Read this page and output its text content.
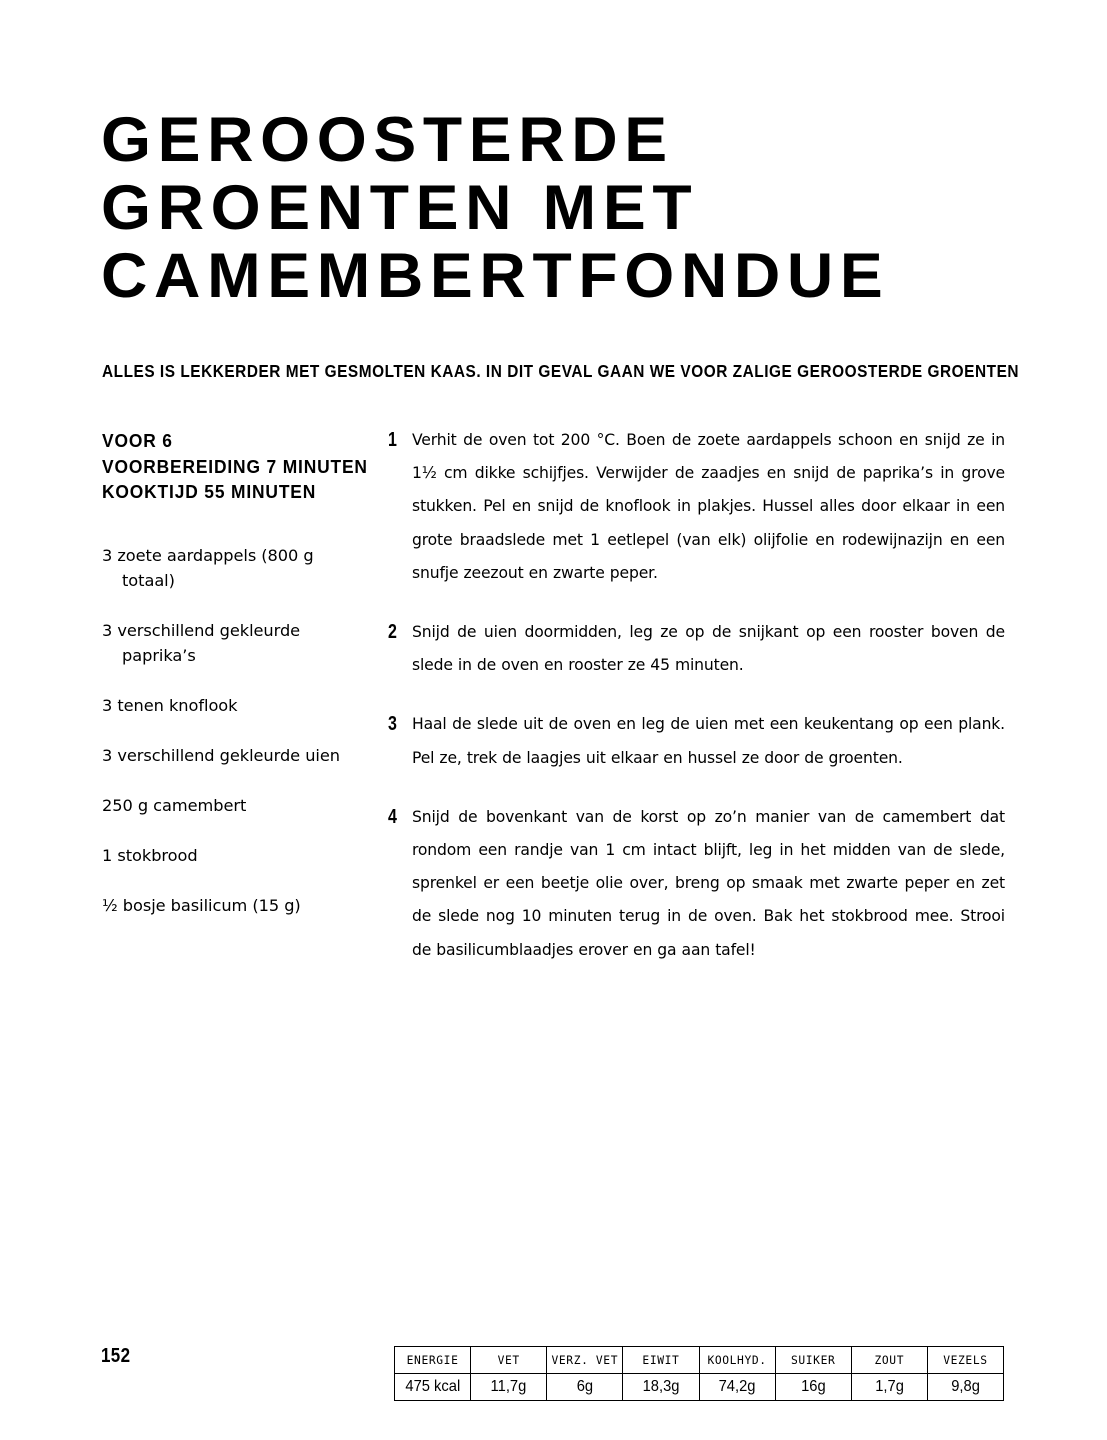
GEROOSTERDE
GROENTEN MET
CAMEMBERTFONDUE
ALLES IS LEKKERDER MET GESMOLTEN KAAS. IN DIT GEVAL GAAN WE VOOR ZALIGE GEROOSTERDE GROENTEN
VOOR 6
VOORBEREIDING 7 MINUTEN
KOOKTIJD 55 MINUTEN
3 zoete aardappels (800 g totaal)
3 verschillend gekleurde paprika’s
3 tenen knoflook
3 verschillend gekleurde uien
250 g camembert
1 stokbrood
½ bosje basilicum (15 g)
1 Verhit de oven tot 200 °C. Boen de zoete aardappels schoon en snijd ze in 1½ cm dikke schijfjes. Verwijder de zaadjes en snijd de paprika’s in grove stukken. Pel en snijd de knoflook in plakjes. Hussel alles door elkaar in een grote braadslede met 1 eetlepel (van elk) olijfolie en rodewijnazijn en een snufje zeezout en zwarte peper.
2 Snijd de uien doormidden, leg ze op de snijkant op een rooster boven de slede in de oven en rooster ze 45 minuten.
3 Haal de slede uit de oven en leg de uien met een keukentang op een plank. Pel ze, trek de laagjes uit elkaar en hussel ze door de groenten.
4 Snijd de bovenkant van de korst op zo’n manier van de camembert dat rondom een randje van 1 cm intact blijft, leg in het midden van de slede, sprenkel er een beetje olie over, breng op smaak met zwarte peper en zet de slede nog 10 minuten terug in de oven. Bak het stokbrood mee. Strooi de basilicumblaadjes erover en ga aan tafel!
152	ENERGIE	VET	VERZ. VET	EIWIT	KOOLHYD.	SUIKER	ZOUT	VEZELS
475 kcal	11,7g	6g	18,3g	74,2g	16g	1,7g	9,8g
